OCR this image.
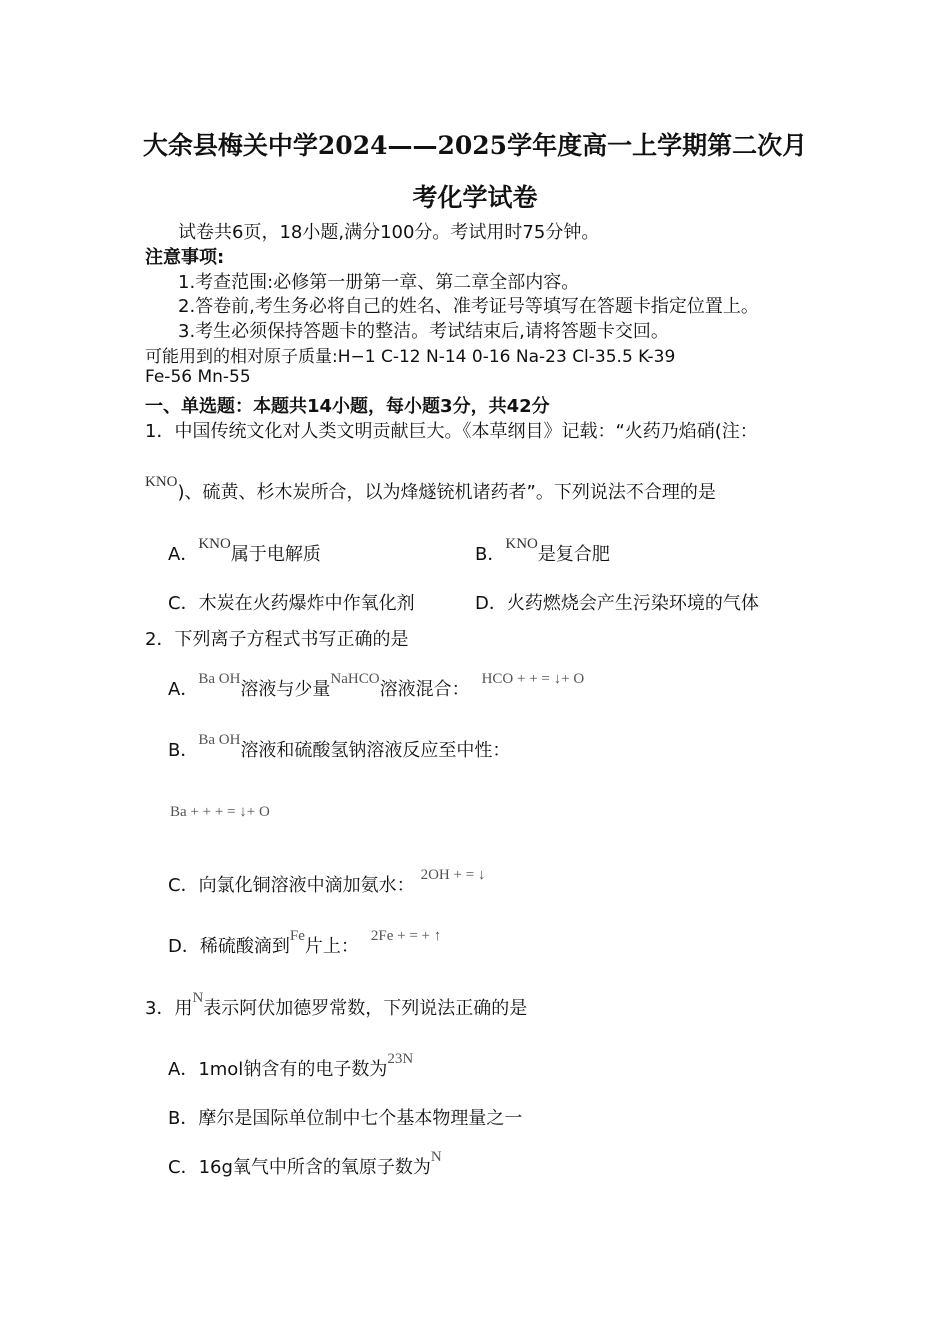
大余县梅关中学2024——2025学年度高一上学期第二次月
考化学试卷
试卷共6页，18小题,满分100分。考试用时75分钟。
注意事项:
1.考查范围:必修第一册第一章、第二章全部内容。
2.答卷前,考生务必将自己的姓名、准考证号等填写在答题卡指定位置上。
3.考生必须保持答题卡的整洁。考试结束后,请将答题卡交回。
可能用到的相对原子质量:H−1 C-12 N-14 0-16 Na-23 Cl-35.5 K-39
Fe-56 Mn-55
一、单选题：本题共14小题，每小题3分，共42分
1．中国传统文化对人类文明贡献巨大。《本草纲目》记载：“火药乃焰硝(注：
$^{KNO}$)、硫黄、杉木炭所合，以为烽燧铳机诸药者”。下列说法不合理的是
A．$^{KNO}$属于电解质	B．$^{KNO}$是复合肥
C．木炭在火药爆炸中作氧化剂	D．火药燃烧会产生污染环境的气体
2．下列离子方程式书写正确的是
A．$^{Ba OH}$溶液与少量$^{NaHCO}$溶液混合： $^{HCO + + = ↓+ O}$
B．$^{Ba OH}$溶液和硫酸氢钠溶液反应至中性：
$^{Ba + + + = ↓+ O}$
C．向氯化铜溶液中滴加氨水： $^{2OH + = ↓}$
D．稀硫酸滴到$^{Fe}$片上： $^{2Fe + = + ↑}$
3．用$^N$表示阿伏加德罗常数，下列说法正确的是
A．1mol钠含有的电子数为$^{23N}$
B．摩尔是国际单位制中七个基本物理量之一
C．16g氧气中所含的氧原子数为$^N$
